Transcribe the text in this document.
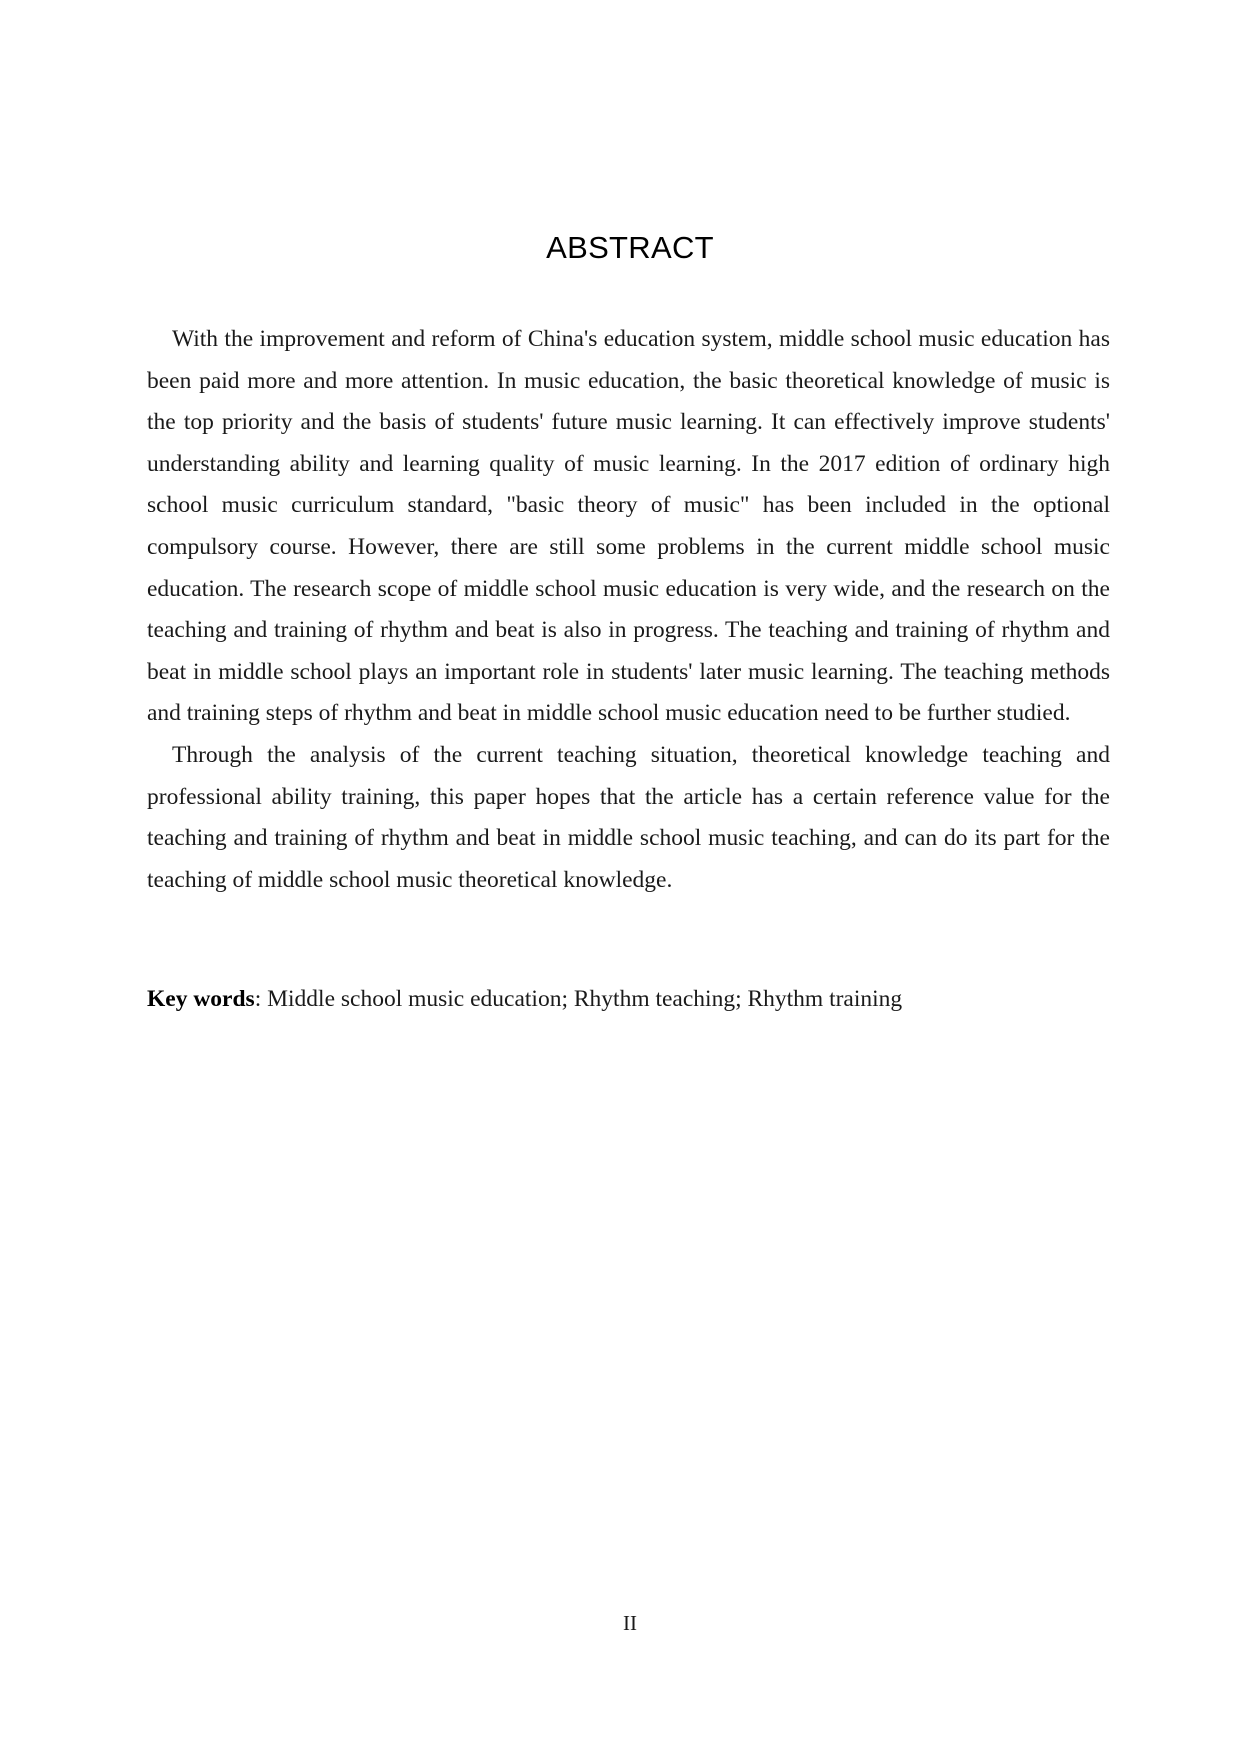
ABSTRACT

With the improvement and reform of China's education system, middle school music education has been paid more and more attention. In music education, the basic theoretical knowledge of music is the top priority and the basis of students' future music learning. It can effectively improve students' understanding ability and learning quality of music learning. In the 2017 edition of ordinary high school music curriculum standard, "basic theory of music" has been included in the optional compulsory course. However, there are still some problems in the current middle school music education. The research scope of middle school music education is very wide, and the research on the teaching and training of rhythm and beat is also in progress. The teaching and training of rhythm and beat in middle school plays an important role in students' later music learning. The teaching methods and training steps of rhythm and beat in middle school music education need to be further studied.

Through the analysis of the current teaching situation, theoretical knowledge teaching and professional ability training, this paper hopes that the article has a certain reference value for the teaching and training of rhythm and beat in middle school music teaching, and can do its part for the teaching of middle school music theoretical knowledge.

Key words: Middle school music education; Rhythm teaching; Rhythm training

II
